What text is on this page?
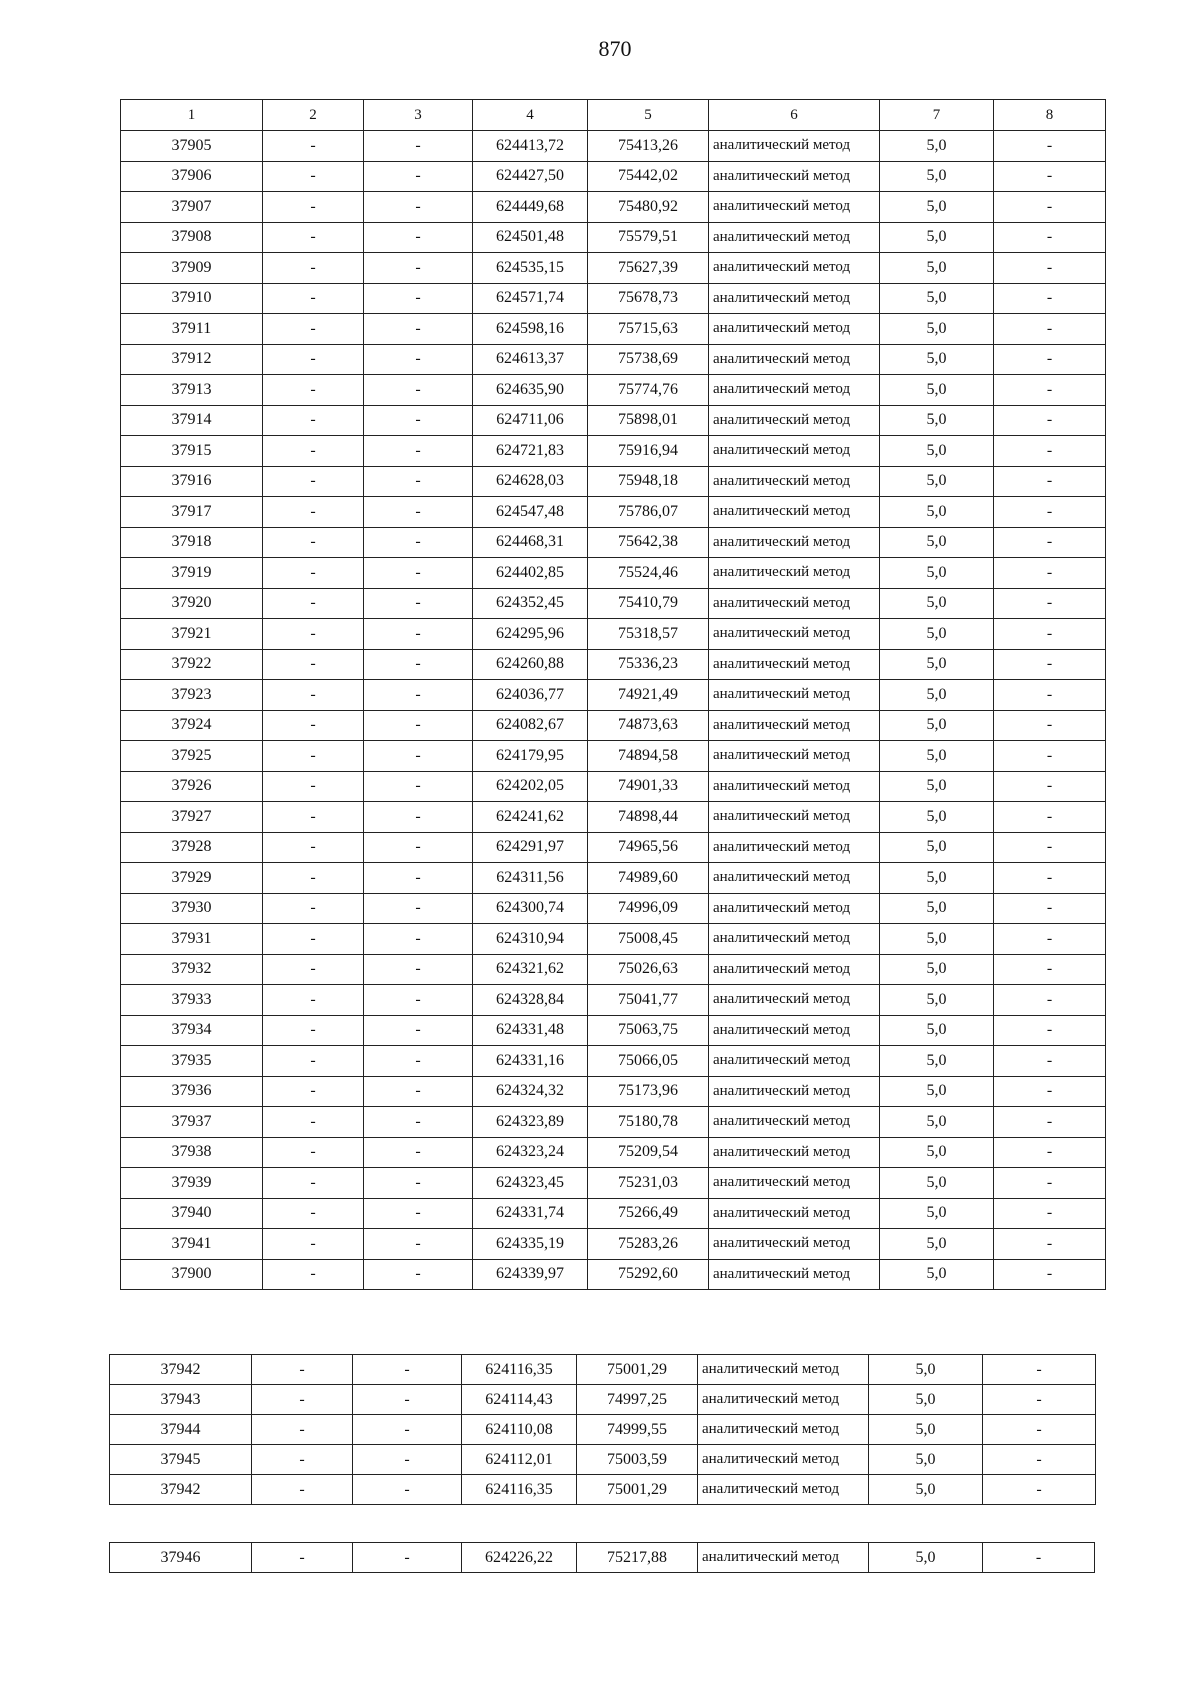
870
1	2	3	4	5	6	7	8
37905	-	-	624413,72	75413,26	аналитический метод	5,0	-
37906	-	-	624427,50	75442,02	аналитический метод	5,0	-
37907	-	-	624449,68	75480,92	аналитический метод	5,0	-
37908	-	-	624501,48	75579,51	аналитический метод	5,0	-
37909	-	-	624535,15	75627,39	аналитический метод	5,0	-
37910	-	-	624571,74	75678,73	аналитический метод	5,0	-
37911	-	-	624598,16	75715,63	аналитический метод	5,0	-
37912	-	-	624613,37	75738,69	аналитический метод	5,0	-
37913	-	-	624635,90	75774,76	аналитический метод	5,0	-
37914	-	-	624711,06	75898,01	аналитический метод	5,0	-
37915	-	-	624721,83	75916,94	аналитический метод	5,0	-
37916	-	-	624628,03	75948,18	аналитический метод	5,0	-
37917	-	-	624547,48	75786,07	аналитический метод	5,0	-
37918	-	-	624468,31	75642,38	аналитический метод	5,0	-
37919	-	-	624402,85	75524,46	аналитический метод	5,0	-
37920	-	-	624352,45	75410,79	аналитический метод	5,0	-
37921	-	-	624295,96	75318,57	аналитический метод	5,0	-
37922	-	-	624260,88	75336,23	аналитический метод	5,0	-
37923	-	-	624036,77	74921,49	аналитический метод	5,0	-
37924	-	-	624082,67	74873,63	аналитический метод	5,0	-
37925	-	-	624179,95	74894,58	аналитический метод	5,0	-
37926	-	-	624202,05	74901,33	аналитический метод	5,0	-
37927	-	-	624241,62	74898,44	аналитический метод	5,0	-
37928	-	-	624291,97	74965,56	аналитический метод	5,0	-
37929	-	-	624311,56	74989,60	аналитический метод	5,0	-
37930	-	-	624300,74	74996,09	аналитический метод	5,0	-
37931	-	-	624310,94	75008,45	аналитический метод	5,0	-
37932	-	-	624321,62	75026,63	аналитический метод	5,0	-
37933	-	-	624328,84	75041,77	аналитический метод	5,0	-
37934	-	-	624331,48	75063,75	аналитический метод	5,0	-
37935	-	-	624331,16	75066,05	аналитический метод	5,0	-
37936	-	-	624324,32	75173,96	аналитический метод	5,0	-
37937	-	-	624323,89	75180,78	аналитический метод	5,0	-
37938	-	-	624323,24	75209,54	аналитический метод	5,0	-
37939	-	-	624323,45	75231,03	аналитический метод	5,0	-
37940	-	-	624331,74	75266,49	аналитический метод	5,0	-
37941	-	-	624335,19	75283,26	аналитический метод	5,0	-
37900	-	-	624339,97	75292,60	аналитический метод	5,0	-
37942	-	-	624116,35	75001,29	аналитический метод	5,0	-
37943	-	-	624114,43	74997,25	аналитический метод	5,0	-
37944	-	-	624110,08	74999,55	аналитический метод	5,0	-
37945	-	-	624112,01	75003,59	аналитический метод	5,0	-
37942	-	-	624116,35	75001,29	аналитический метод	5,0	-
37946	-	-	624226,22	75217,88	аналитический метод	5,0	-
